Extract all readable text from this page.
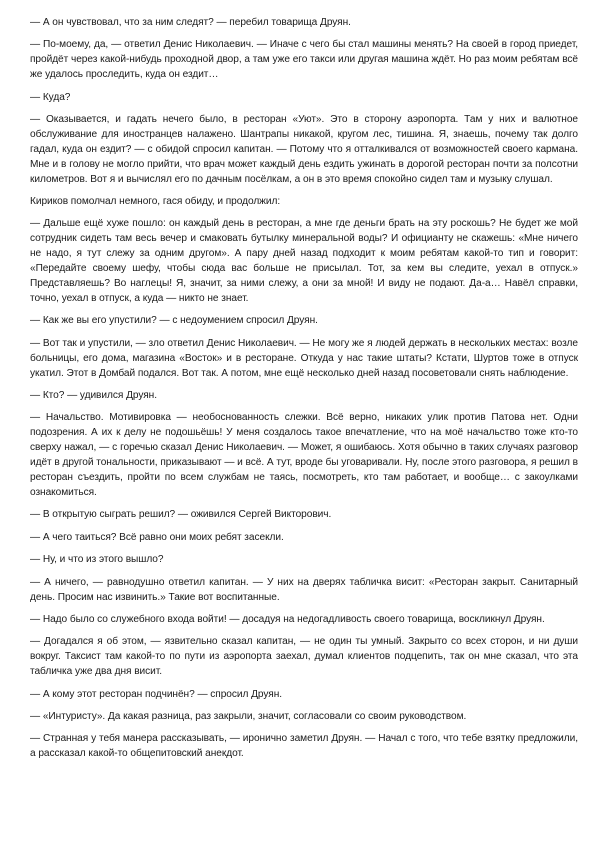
— А он чувствовал, что за ним следят? — перебил товарища Друян.

— По-моему, да, — ответил Денис Николаевич. — Иначе с чего бы стал машины менять? На своей в город приедет, пройдёт через какой-нибудь проходной двор, а там уже его такси или другая машина ждёт. Но раз моим ребятам всё же удалось проследить, куда он ездит…

— Куда?

— Оказывается, и гадать нечего было, в ресторан «Уют». Это в сторону аэропорта. Там у них и валютное обслуживание для иностранцев налажено. Шантрапы никакой, кругом лес, тишина. Я, знаешь, почему так долго гадал, куда он ездит? — с обидой спросил капитан. — Потому что я отталкивался от возможностей своего кармана. Мне и в голову не могло прийти, что врач может каждый день ездить ужинать в дорогой ресторан почти за полсотни километров. Вот я и вычислял его по дачным посёлкам, а он в это время спокойно сидел там и музыку слушал.

Кириков помолчал немного, гася обиду, и продолжил:

— Дальше ещё хуже пошло: он каждый день в ресторан, а мне где деньги брать на эту роскошь? Не будет же мой сотрудник сидеть там весь вечер и смаковать бутылку минеральной воды? И официанту не скажешь: «Мне ничего не надо, я тут слежу за одним другом». А пару дней назад подходит к моим ребятам какой-то тип и говорит: «Передайте своему шефу, чтобы сюда вас больше не присылал. Тот, за кем вы следите, уехал в отпуск.» Представляешь? Во наглецы! Я, значит, за ними слежу, а они за мной! И виду не подают. Да-а… Навёл справки, точно, уехал в отпуск, а куда — никто не знает.

— Как же вы его упустили? — с недоумением спросил Друян.

— Вот так и упустили, — зло ответил Денис Николаевич. — Не могу же я людей держать в нескольких местах: возле больницы, его дома, магазина «Восток» и в ресторане. Откуда у нас такие штаты? Кстати, Шуртов тоже в отпуск укатил. Этот в Домбай подался. Вот так. А потом, мне ещё несколько дней назад посоветовали снять наблюдение.

— Кто? — удивился Друян.

— Начальство. Мотивировка — необоснованность слежки. Всё верно, никаких улик против Патова нет. Одни подозрения. А их к делу не подошьёшь! У меня создалось такое впечатление, что на моё начальство тоже кто-то сверху нажал, — с горечью сказал Денис Николаевич. — Может, я ошибаюсь. Хотя обычно в таких случаях разговор идёт в другой тональности, приказывают — и всё. А тут, вроде бы уговаривали. Ну, после этого разговора, я решил в ресторан съездить, пройти по всем службам не таясь, посмотреть, кто там работает, и вообще… с закоулками ознакомиться.

— В открытую сыграть решил? — оживился Сергей Викторович.

— А чего таиться? Всё равно они моих ребят засекли.

— Ну, и что из этого вышло?

— А ничего, — равнодушно ответил капитан. — У них на дверях табличка висит: «Ресторан закрыт. Санитарный день. Просим нас извинить.» Такие вот воспитанные.

— Надо было со служебного входа войти! — досадуя на недогадливость своего товарища, воскликнул Друян.

— Догадался я об этом, — язвительно сказал капитан, — не один ты умный. Закрыто со всех сторон, и ни души вокруг. Таксист там какой-то по пути из аэропорта заехал, думал клиентов подцепить, так он мне сказал, что эта табличка уже два дня висит.

— А кому этот ресторан подчинён? — спросил Друян.

— «Интуристу». Да какая разница, раз закрыли, значит, согласовали со своим руководством.

— Странная у тебя манера рассказывать, — иронично заметил Друян. — Начал с того, что тебе взятку предложили, а рассказал какой-то общепитовский анекдот.
